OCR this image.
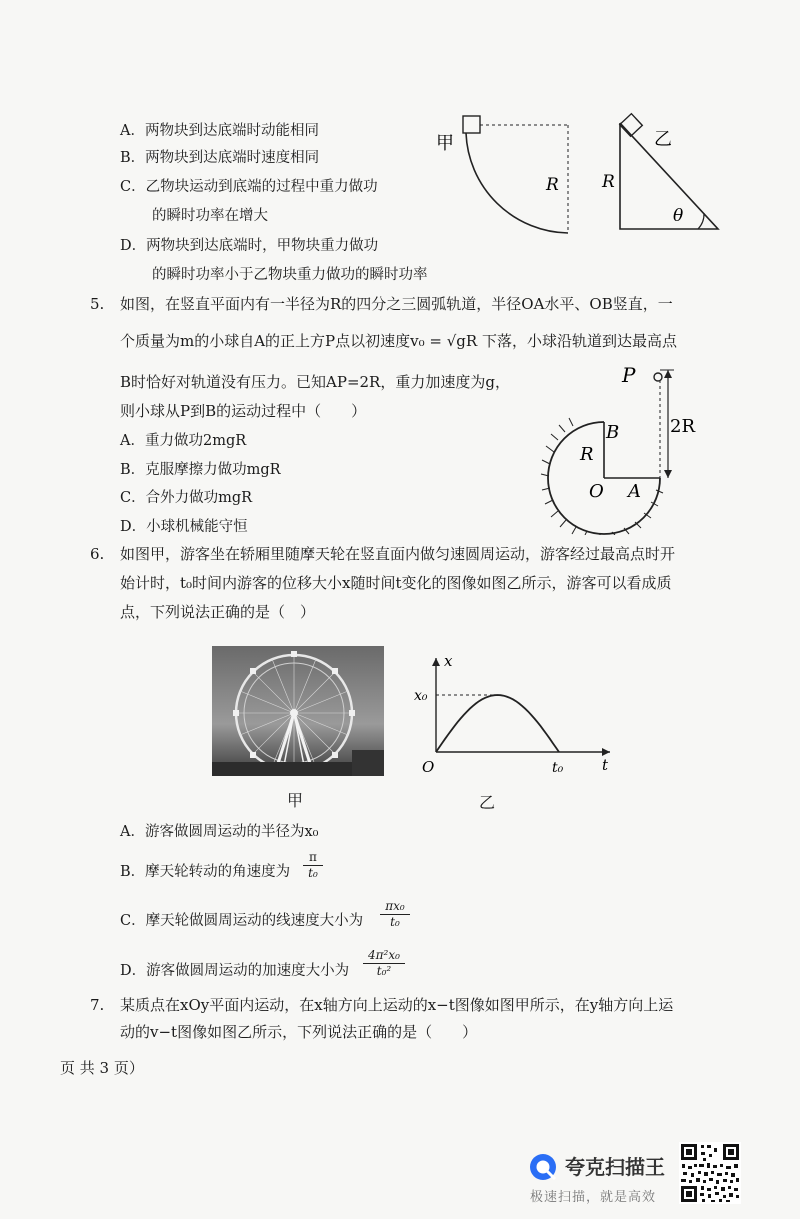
A．两物块到达底端时动能相同
B．两物块到达底端时速度相同
C．乙物块运动到底端的过程中重力做功
的瞬时功率在增大
D．两物块到达底端时，甲物块重力做功
的瞬时功率小于乙物块重力做功的瞬时功率
甲
R
乙
R
θ
5. 如图，在竖直平面内有一半径为R的四分之三圆弧轨道，半径OA水平、OB竖直，一
个质量为m的小球自A的正上方P点以初速度v₀ = √gR 下落，小球沿轨道到达最高点
B时恰好对轨道没有压力。已知AP=2R，重力加速度为g，
则小球从P到B的运动过程中（　　）
A．重力做功2mgR
B．克服摩擦力做功mgR
C．合外力做功mgR
D．小球机械能守恒
P
B
R
O A
2R
6. 如图甲，游客坐在轿厢里随摩天轮在竖直面内做匀速圆周运动，游客经过最高点时开
始计时，t₀时间内游客的位移大小x随时间t变化的图像如图乙所示，游客可以看成质
点，下列说法正确的是（　）
甲
x
t
O
x₀
t₀
乙
A．游客做圆周运动的半径为x₀
B．摩天轮转动的角速度为 $\frac{\pi}{\text{t₀}}$
C．摩天轮做圆周运动的线速度大小为 $\frac{\text{πx₀}}{\text{t₀}}$
D．游客做圆周运动的加速度大小为 $\frac{\text{4π²x₀}}{\text{t₀²}}$
7. 某质点在xOy平面内运动，在x轴方向上运动的x−t图像如图甲所示，在y轴方向上运
动的v−t图像如图乙所示，下列说法正确的是（　　）
页 共 3 页）
夸克扫描王
极速扫描，就是高效
